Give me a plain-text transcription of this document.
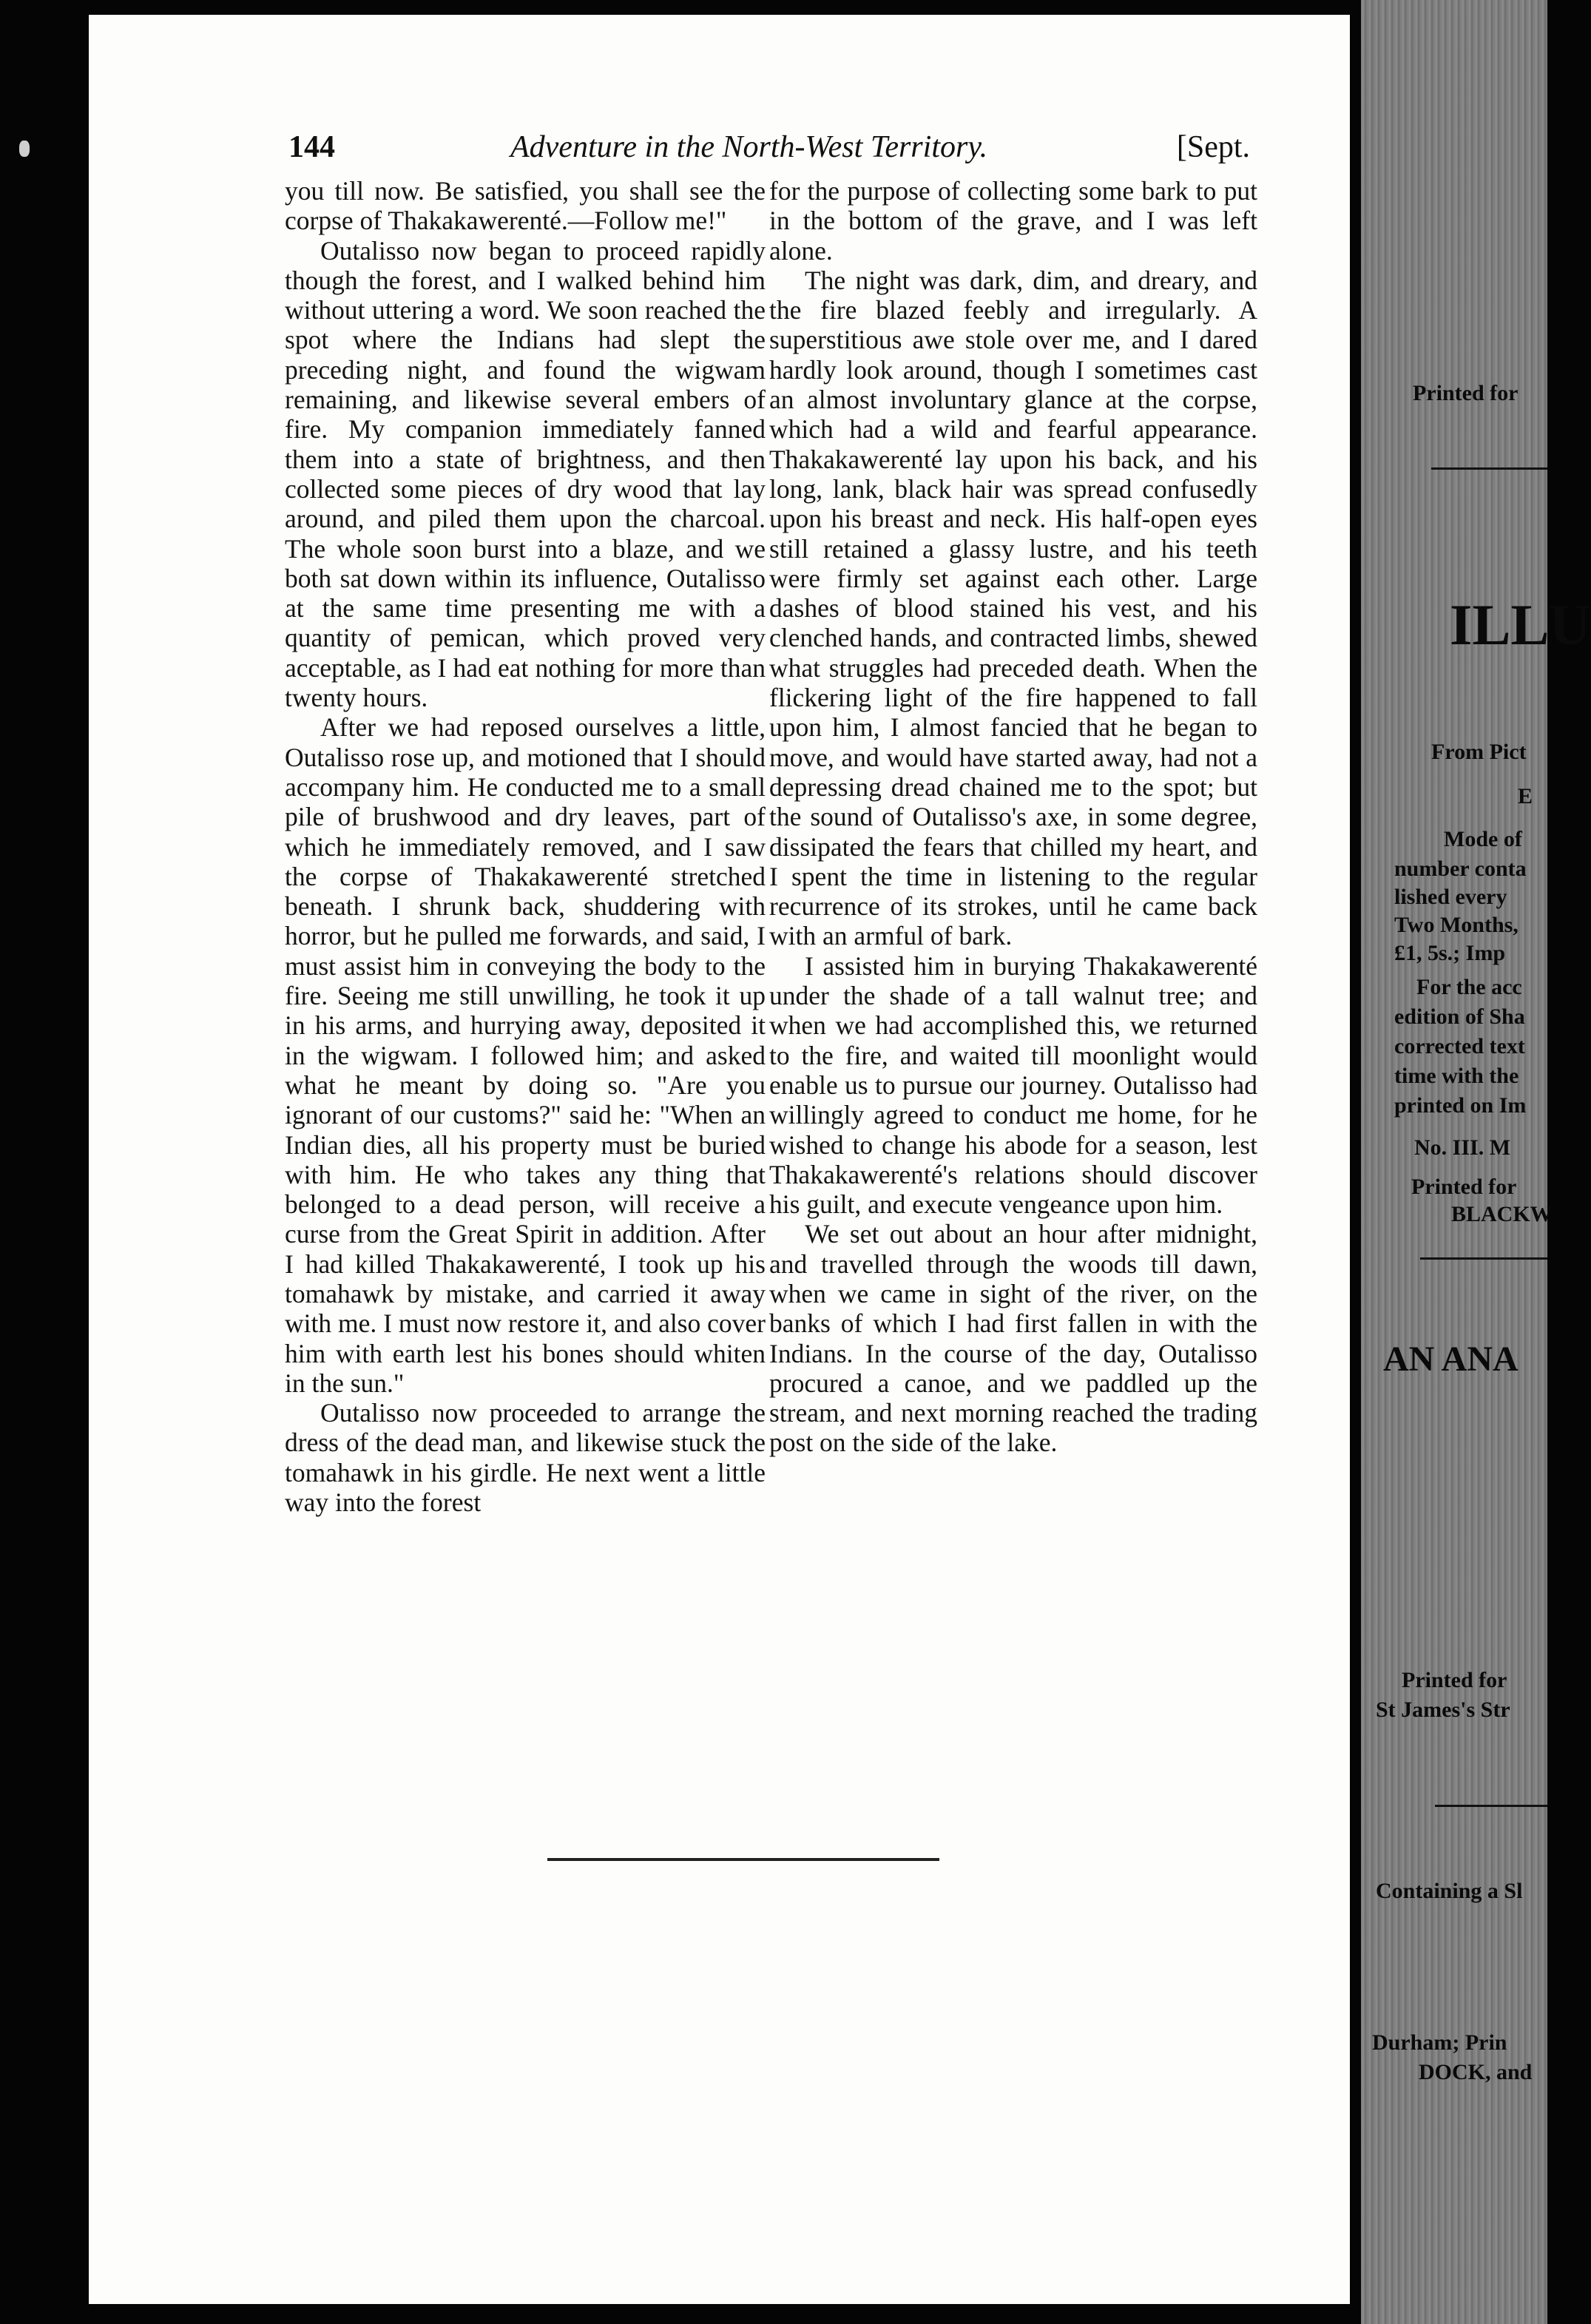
144	Adventure in the North-West Territory.	[Sept.

you till now. Be satisfied, you shall see the corpse of Thakakawerenté.—Follow me!"

Outalisso now began to proceed rapidly though the forest, and I walked behind him without uttering a word. We soon reached the spot where the Indians had slept the preceding night, and found the wigwam remaining, and likewise several embers of fire. My companion immediately fanned them into a state of brightness, and then collected some pieces of dry wood that lay around, and piled them upon the charcoal. The whole soon burst into a blaze, and we both sat down within its influence, Outalisso at the same time presenting me with a quantity of pemican, which proved very acceptable, as I had eat nothing for more than twenty hours.

After we had reposed ourselves a little, Outalisso rose up, and motioned that I should accompany him. He conducted me to a small pile of brushwood and dry leaves, part of which he immediately removed, and I saw the corpse of Thakakawerenté stretched beneath. I shrunk back, shuddering with horror, but he pulled me forwards, and said, I must assist him in conveying the body to the fire. Seeing me still unwilling, he took it up in his arms, and hurrying away, deposited it in the wigwam. I followed him; and asked what he meant by doing so. "Are you ignorant of our customs?" said he: "When an Indian dies, all his property must be buried with him. He who takes any thing that belonged to a dead person, will receive a curse from the Great Spirit in addition. After I had killed Thakakawerenté, I took up his tomahawk by mistake, and carried it away with me. I must now restore it, and also cover him with earth lest his bones should whiten in the sun."

Outalisso now proceeded to arrange the dress of the dead man, and likewise stuck the tomahawk in his girdle. He next went a little way into the forest

for the purpose of collecting some bark to put in the bottom of the grave, and I was left alone.

The night was dark, dim, and dreary, and the fire blazed feebly and irregularly. A superstitious awe stole over me, and I dared hardly look around, though I sometimes cast an almost involuntary glance at the corpse, which had a wild and fearful appearance. Thakakawerenté lay upon his back, and his long, lank, black hair was spread confusedly upon his breast and neck. His half-open eyes still retained a glassy lustre, and his teeth were firmly set against each other. Large dashes of blood stained his vest, and his clenched hands, and contracted limbs, shewed what struggles had preceded death. When the flickering light of the fire happened to fall upon him, I almost fancied that he began to move, and would have started away, had not a depressing dread chained me to the spot; but the sound of Outalisso's axe, in some degree, dissipated the fears that chilled my heart, and I spent the time in listening to the regular recurrence of its strokes, until he came back with an armful of bark.

I assisted him in burying Thakakawerenté under the shade of a tall walnut tree; and when we had accomplished this, we returned to the fire, and waited till moonlight would enable us to pursue our journey. Outalisso had willingly agreed to conduct me home, for he wished to change his abode for a season, lest Thakakawerenté's relations should discover his guilt, and execute vengeance upon him.

We set out about an hour after midnight, and travelled through the woods till dawn, when we came in sight of the river, on the banks of which I had first fallen in with the Indians. In the course of the day, Outalisso procured a canoe, and we paddled up the stream, and next morning reached the trading post on the side of the lake.

Printed for
ILLU
From Pict
E
Mode of
number conta
lished every
Two Months,
£1, 5s.; Imp
For the acc
edition of Sha
corrected text
time with the
printed on Im
No. III. M
Printed for
BLACKW
AN ANA
Printed for
St James's Str
Containing a Sl
Durham; Prin
DOCK, and
